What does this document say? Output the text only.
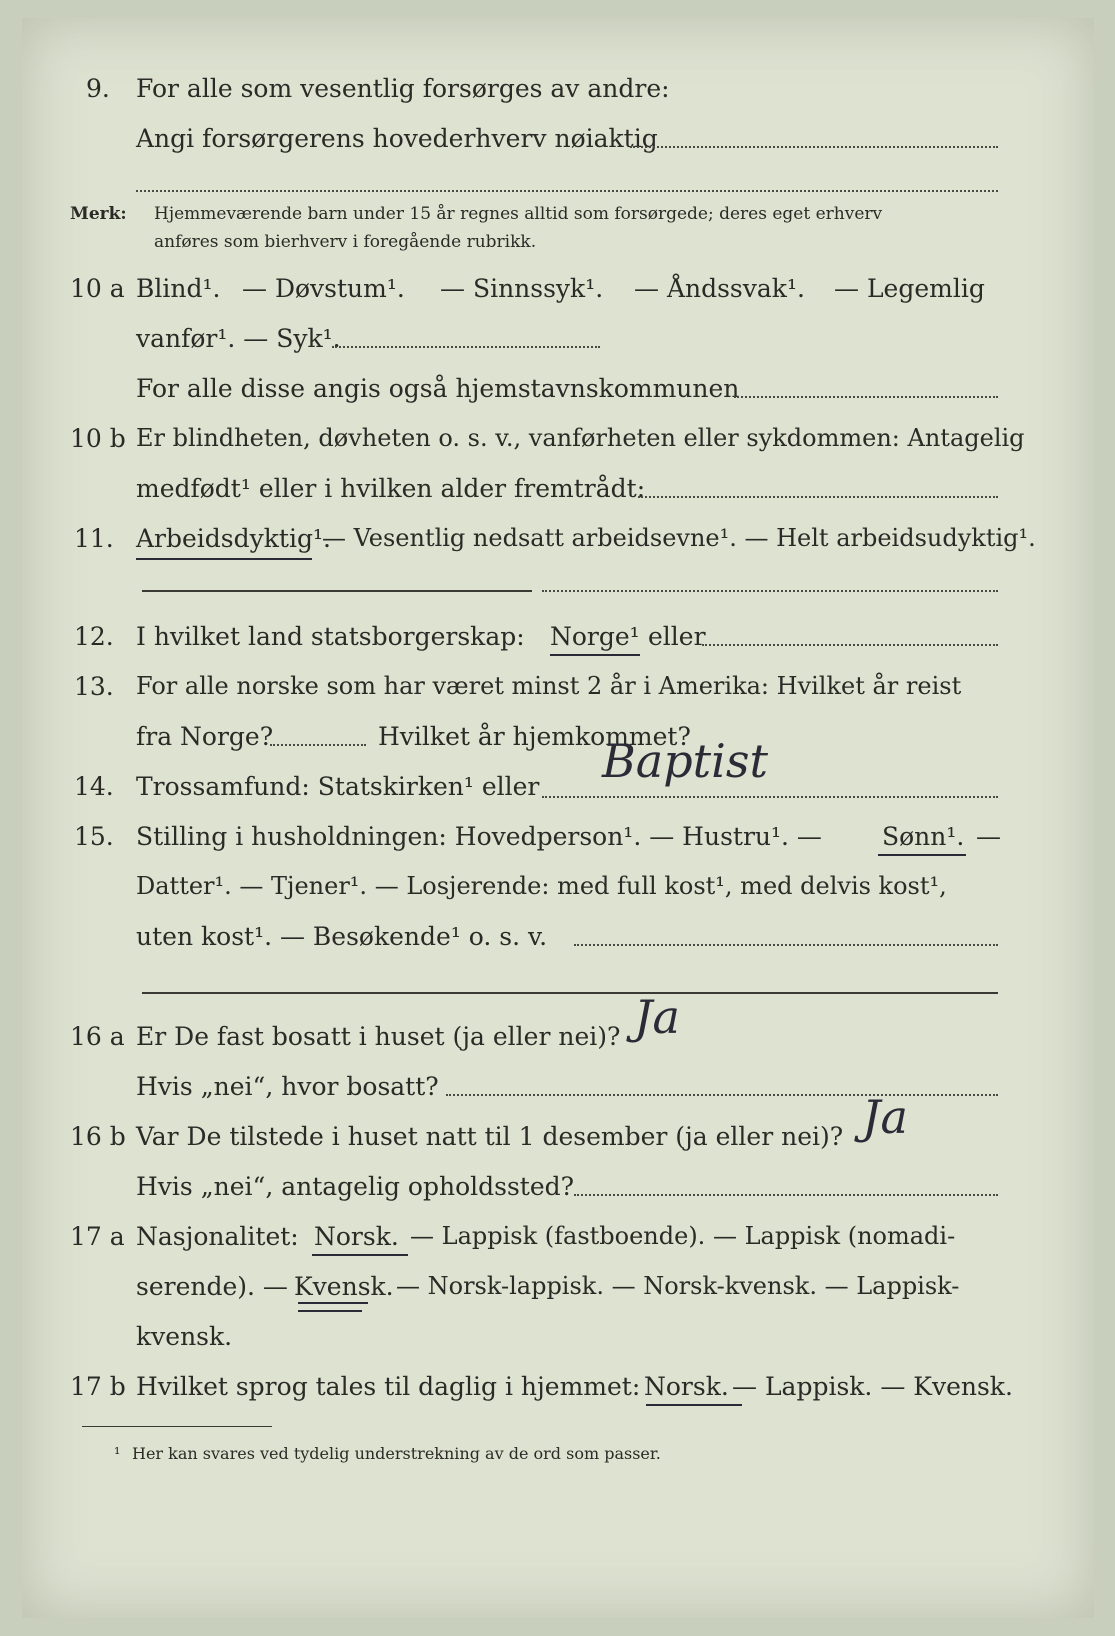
9. For alle som vesentlig forsørges av andre:
Angi forsørgerens hovederhverv nøiaktig
Merk: Hjemmeværende barn under 15 år regnes alltid som forsørgede; deres eget erhverv
anføres som bierhverv i foregående rubrikk.
10 a Blind¹. — Døvstum¹. — Sinnssyk¹. — Åndssvak¹. — Legemlig
vanfør¹. — Syk¹.
For alle disse angis også hjemstavnskommunen
10 b Er blindheten, døvheten o. s. v., vanførheten eller sykdommen: Antagelig
medfødt¹ eller i hvilken alder fremtrådt:
11. Arbeidsdyktig¹.
— Vesentlig nedsatt arbeidsevne¹. — Helt arbeidsudyktig¹.
12. I hvilket land statsborgerskap: Norge¹ eller
13. For alle norske som har været minst 2 år i Amerika: Hvilket år reist
fra Norge?	Hvilket år hjemkommet?
14. Trossamfund: Statskirken¹ eller Baptist
15. Stilling i husholdningen: Hovedperson¹. — Hustru¹. — Sønn¹. —
Datter¹. — Tjener¹. — Losjerende: med full kost¹, med delvis kost¹,
uten kost¹. — Besøkende¹ o. s. v.
16 a Er De fast bosatt i huset (ja eller nei)? Ja
Hvis „nei“, hvor bosatt?
16 b Var De tilstede i huset natt til 1 desember (ja eller nei)? Ja
Hvis „nei“, antagelig opholdssted?
17 a Nasjonalitet: Norsk. — Lappisk (fastboende). — Lappisk (nomadi-
serende). — Kvensk. — Norsk-lappisk. — Norsk-kvensk. — Lappisk-
kvensk.
17 b Hvilket sprog tales til daglig i hjemmet: Norsk. — Lappisk. — Kvensk.
¹ Her kan svares ved tydelig understrekning av de ord som passer.
